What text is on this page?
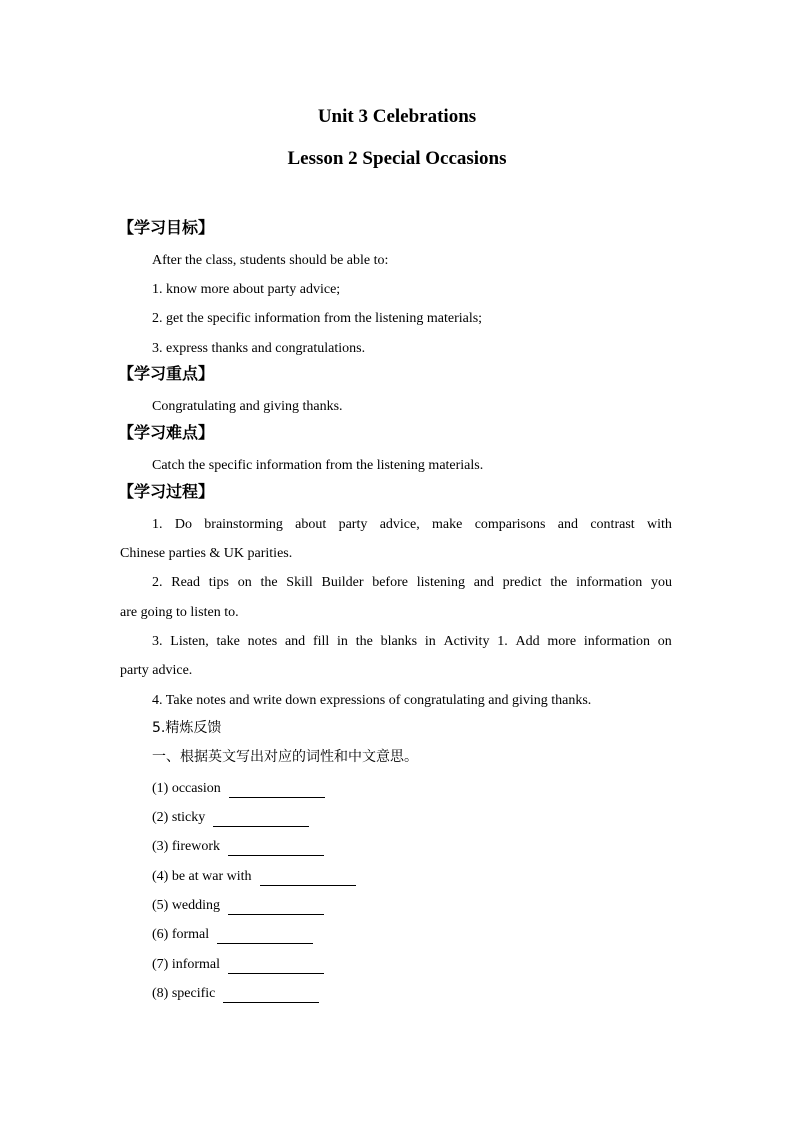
Unit 3 Celebrations
Lesson 2 Special Occasions
【学习目标】
After the class, students should be able to:
1. know more about party advice;
2. get the specific information from the listening materials;
3. express thanks and congratulations.
【学习重点】
Congratulating and giving thanks.
【学习难点】
Catch the specific information from the listening materials.
【学习过程】
1. Do brainstorming about party advice, make comparisons and contrast with
Chinese parties & UK parities.
2. Read tips on the Skill Builder before listening and predict the information you
are going to listen to.
3. Listen, take notes and fill in the blanks in Activity 1. Add more information on
party advice.
4. Take notes and write down expressions of congratulating and giving thanks.
5.精炼反馈
一、根据英文写出对应的词性和中文意思。
(1) occasion
(2) sticky
(3) firework
(4) be at war with
(5) wedding
(6) formal
(7) informal
(8) specific
